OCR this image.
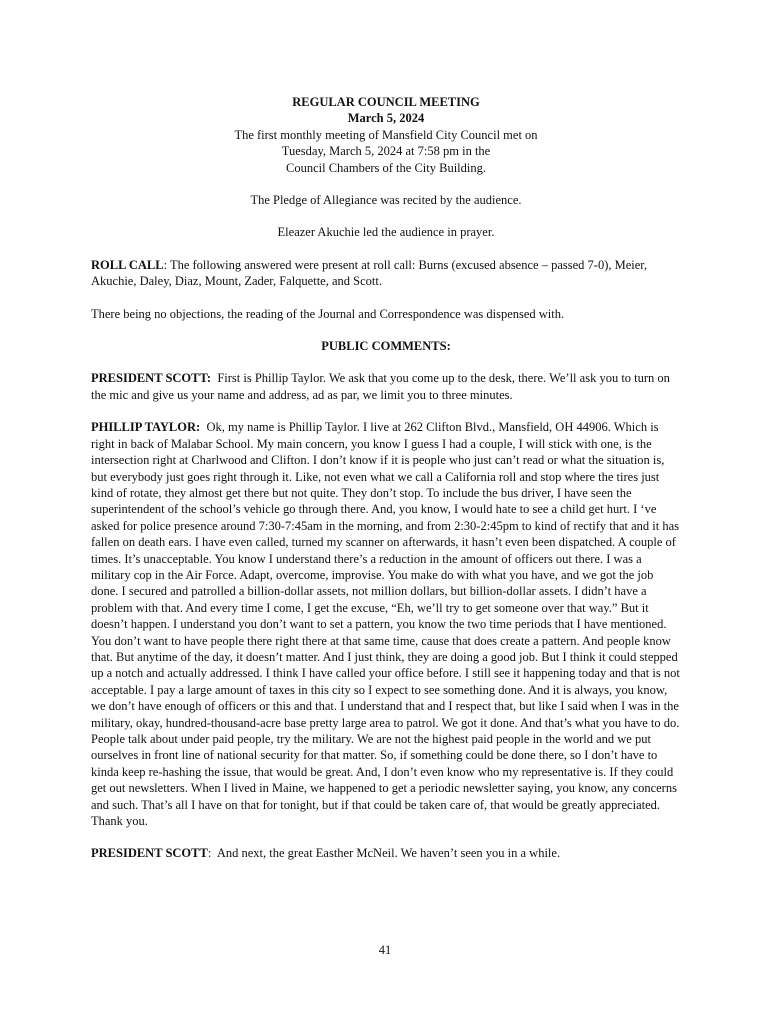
REGULAR COUNCIL MEETING
March 5, 2024
The first monthly meeting of Mansfield City Council met on
Tuesday, March 5, 2024 at 7:58 pm in the
Council Chambers of the City Building.
The Pledge of Allegiance was recited by the audience.
Eleazer Akuchie led the audience in prayer.

ROLL CALL: The following answered were present at roll call: Burns (excused absence – passed 7-0), Meier, Akuchie, Daley, Diaz, Mount, Zader, Falquette, and Scott.

There being no objections, the reading of the Journal and Correspondence was dispensed with.

PUBLIC COMMENTS:

PRESIDENT SCOTT:  First is Phillip Taylor. We ask that you come up to the desk, there. We’ll ask you to turn on the mic and give us your name and address, ad as par, we limit you to three minutes.

PHILLIP TAYLOR:  Ok, my name is Phillip Taylor. I live at 262 Clifton Blvd., Mansfield, OH 44906. Which is right in back of Malabar School. My main concern, you know I guess I had a couple, I will stick with one, is the intersection right at Charlwood and Clifton. I don’t know if it is people who just can’t read or what the situation is, but everybody just goes right through it. Like, not even what we call a California roll and stop where the tires just kind of rotate, they almost get there but not quite. They don’t stop. To include the bus driver, I have seen the superintendent of the school’s vehicle go through there. And, you know, I would hate to see a child get hurt. I ‘ve asked for police presence around 7:30-7:45am in the morning, and from 2:30-2:45pm to kind of rectify that and it has fallen on death ears. I have even called, turned my scanner on afterwards, it hasn’t even been dispatched. A couple of times. It’s unacceptable. You know I understand there’s a reduction in the amount of officers out there. I was a military cop in the Air Force. Adapt, overcome, improvise. You make do with what you have, and we got the job done. I secured and patrolled a billion-dollar assets, not million dollars, but billion-dollar assets. I didn’t have a problem with that. And every time I come, I get the excuse, “Eh, we’ll try to get someone over that way.” But it doesn’t happen. I understand you don’t want to set a pattern, you know the two time periods that I have mentioned. You don’t want to have people there right there at that same time, cause that does create a pattern. And people know that. But anytime of the day, it doesn’t matter. And I just think, they are doing a good job. But I think it could stepped up a notch and actually addressed. I think I have called your office before. I still see it happening today and that is not acceptable. I pay a large amount of taxes in this city so I expect to see something done. And it is always, you know, we don’t have enough of officers or this and that. I understand that and I respect that, but like I said when I was in the military, okay, hundred-thousand-acre base pretty large area to patrol. We got it done. And that’s what you have to do. People talk about under paid people, try the military. We are not the highest paid people in the world and we put ourselves in front line of national security for that matter. So, if something could be done there, so I don’t have to kinda keep re-hashing the issue, that would be great. And, I don’t even know who my representative is. If they could get out newsletters. When I lived in Maine, we happened to get a periodic newsletter saying, you know, any concerns and such. That’s all I have on that for tonight, but if that could be taken care of, that would be greatly appreciated. Thank you.

PRESIDENT SCOTT:  And next, the great Easther McNeil. We haven’t seen you in a while.

41
